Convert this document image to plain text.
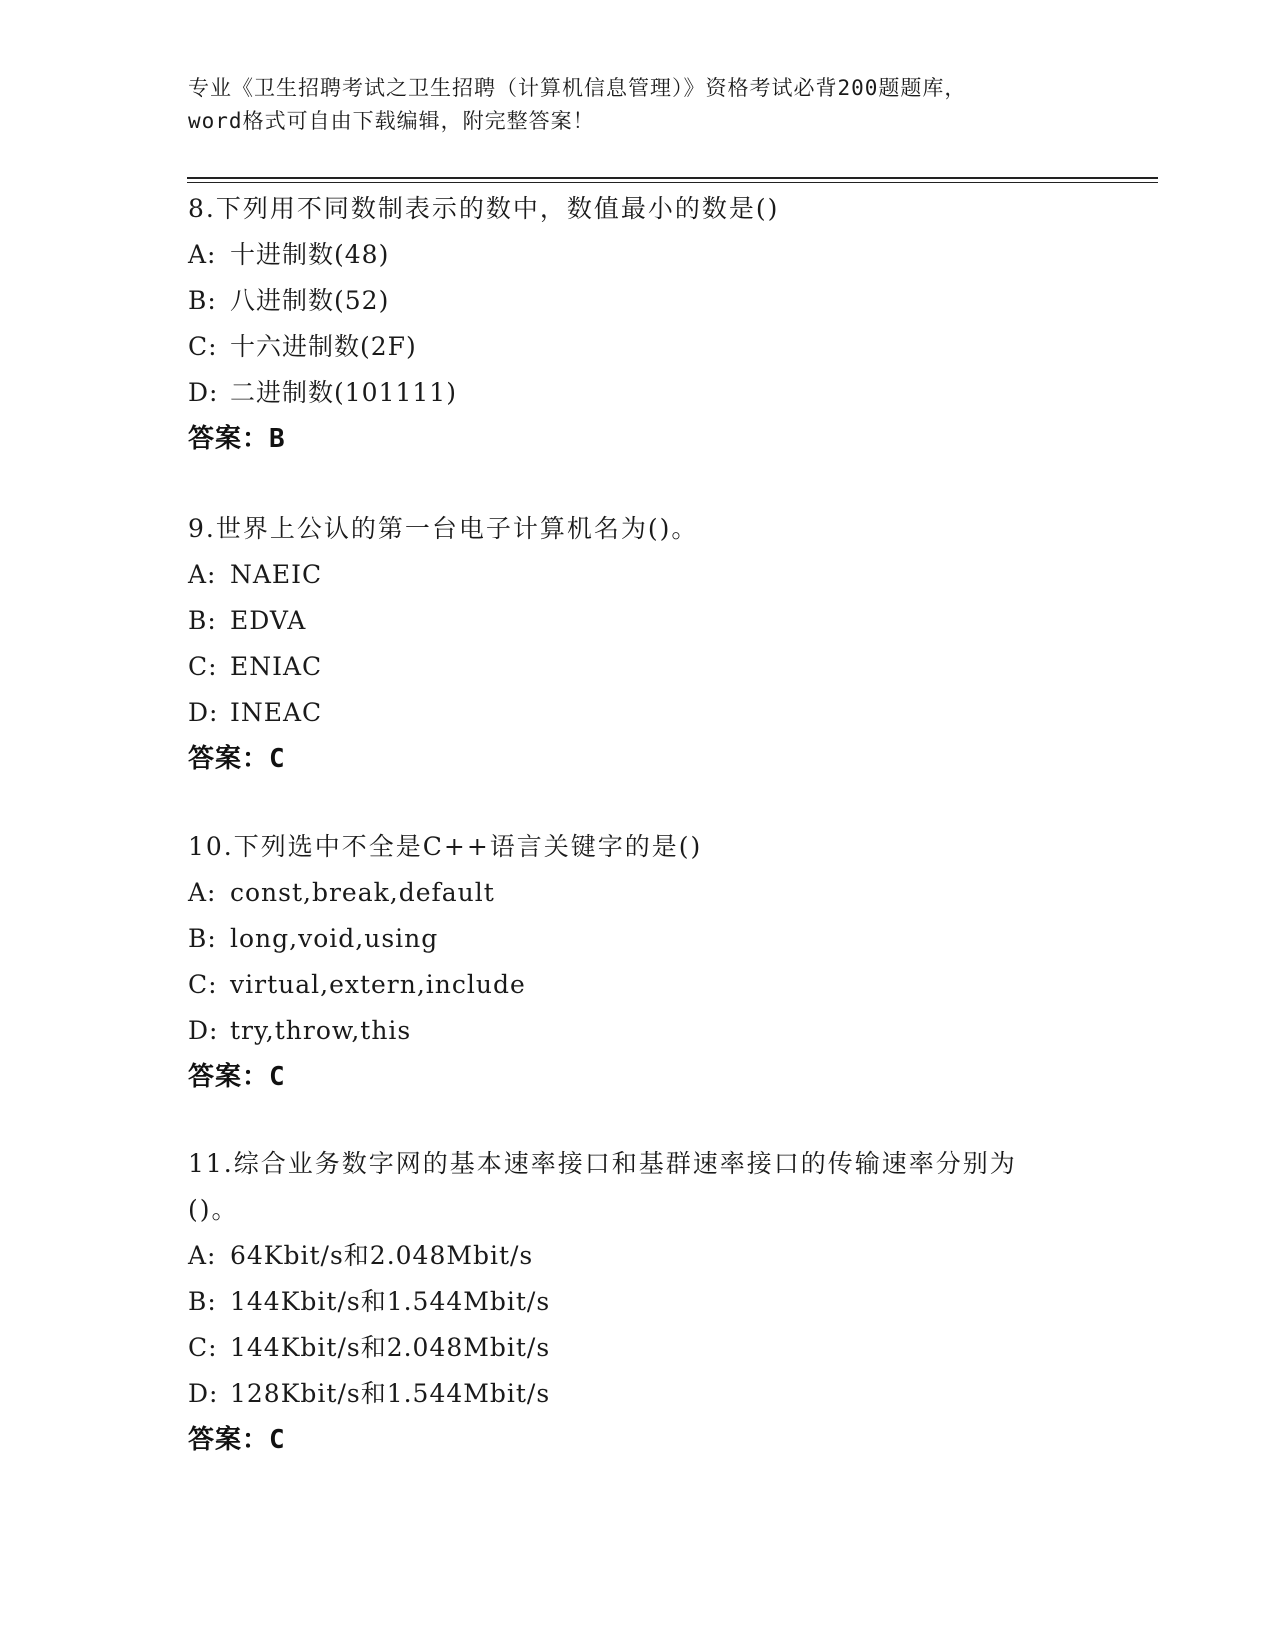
专业《卫生招聘考试之卫生招聘（计算机信息管理）》资格考试必背200题题库，
word格式可自由下载编辑，附完整答案！
8.下列用不同数制表示的数中，数值最小的数是()
A: 十进制数(48)
B: 八进制数(52)
C: 十六进制数(2F)
D: 二进制数(101111)
答案：B
9.世界上公认的第一台电子计算机名为()。
A: NAEIC
B: EDVA
C: ENIAC
D: INEAC
答案：C
10.下列选中不全是C++语言关键字的是()
A: const,break,default
B: long,void,using
C: virtual,extern,include
D: try,throw,this
答案：C
11.综合业务数字网的基本速率接口和基群速率接口的传输速率分别为
()。
A: 64Kbit/s和2.048Mbit/s
B: 144Kbit/s和1.544Mbit/s
C: 144Kbit/s和2.048Mbit/s
D: 128Kbit/s和1.544Mbit/s
答案：C
